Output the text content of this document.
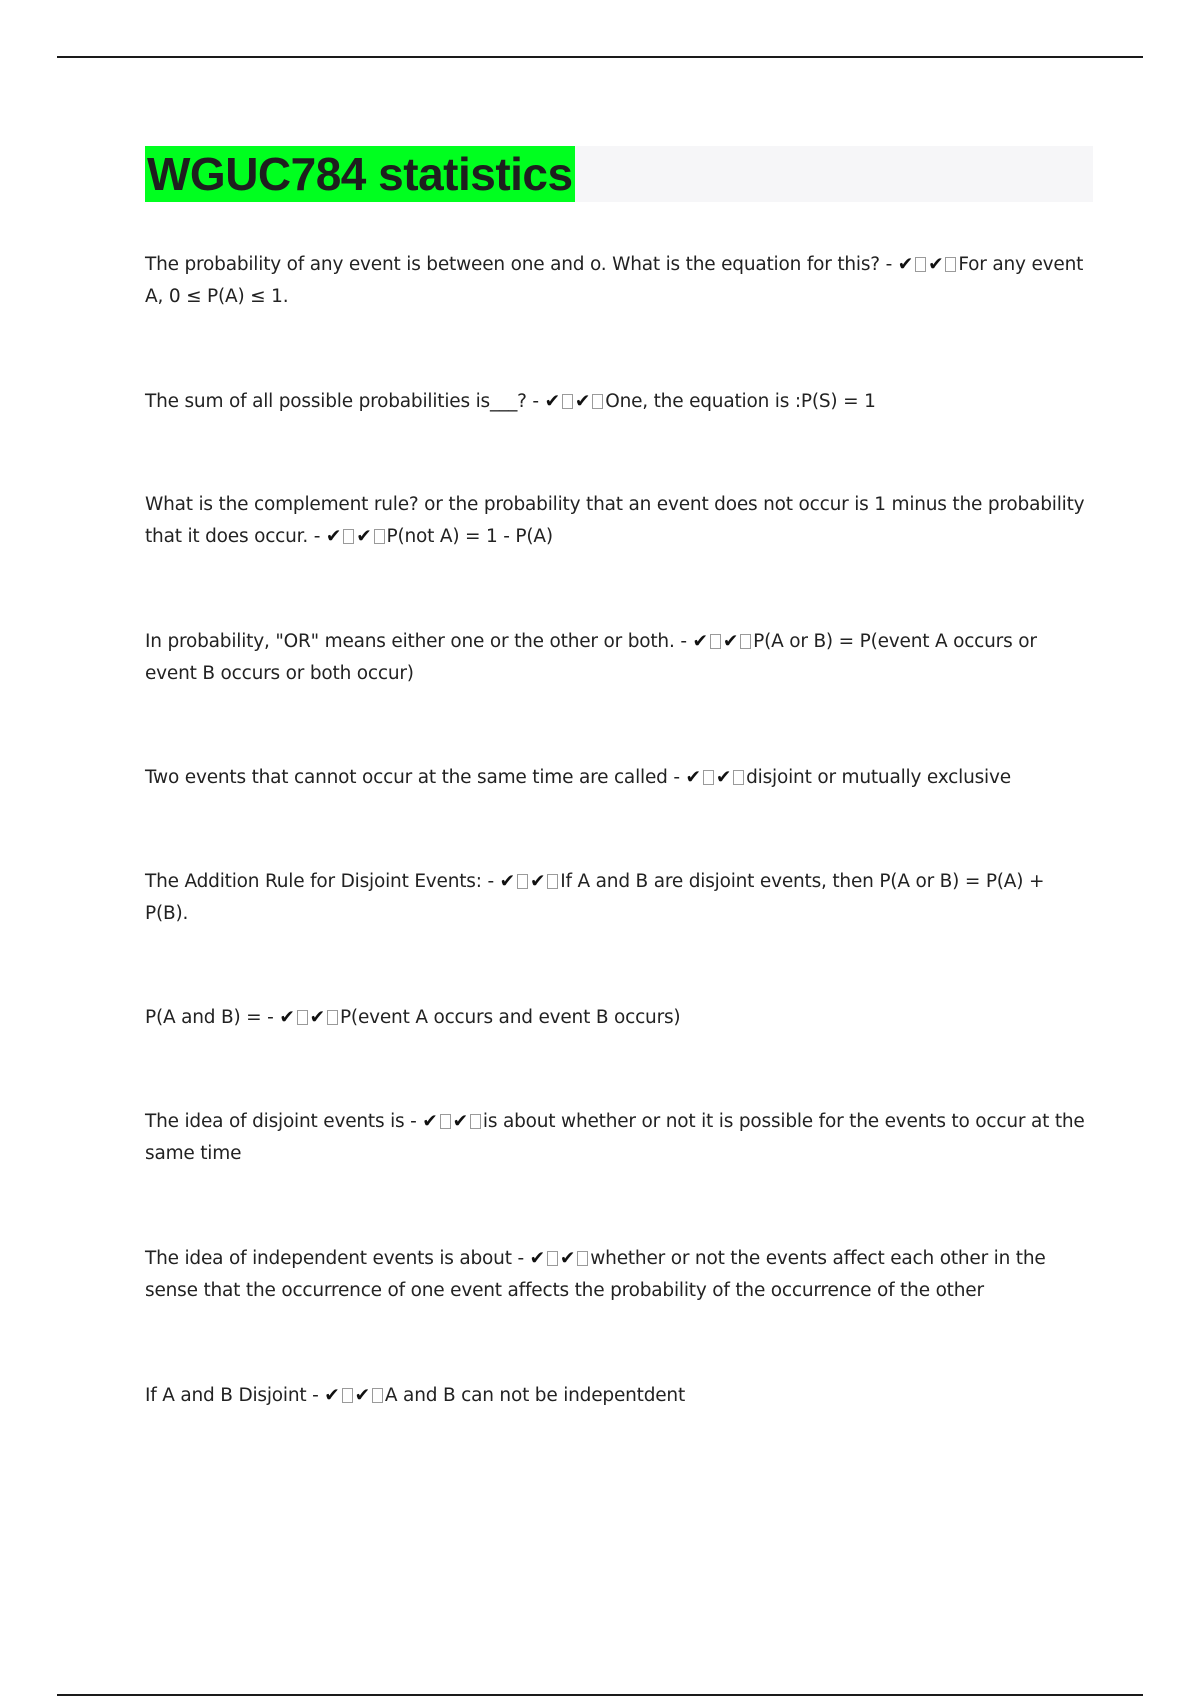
WGUC784 statistics
The probability of any event is between one and o. What is the equation for this? - ✔ ✔ For any event A, 0 ≤ P(A) ≤ 1.
The sum of all possible probabilities is___? - ✔ ✔ One, the equation is :P(S) = 1
What is the complement rule? or the probability that an event does not occur is 1 minus the probability that it does occur. - ✔ ✔ P(not A) = 1 - P(A)
In probability, "OR" means either one or the other or both. - ✔ ✔ P(A or B) = P(event A occurs or event B occurs or both occur)
Two events that cannot occur at the same time are called - ✔ ✔ disjoint or mutually exclusive
The Addition Rule for Disjoint Events: - ✔ ✔ If A and B are disjoint events, then P(A or B) = P(A) + P(B).
P(A and B) = - ✔ ✔ P(event A occurs and event B occurs)
The idea of disjoint events is - ✔ ✔ is about whether or not it is possible for the events to occur at the same time
The idea of independent events is about - ✔ ✔ whether or not the events affect each other in the sense that the occurrence of one event affects the probability of the occurrence of the other
If A and B Disjoint - ✔ ✔ A and B can not be indepentdent
